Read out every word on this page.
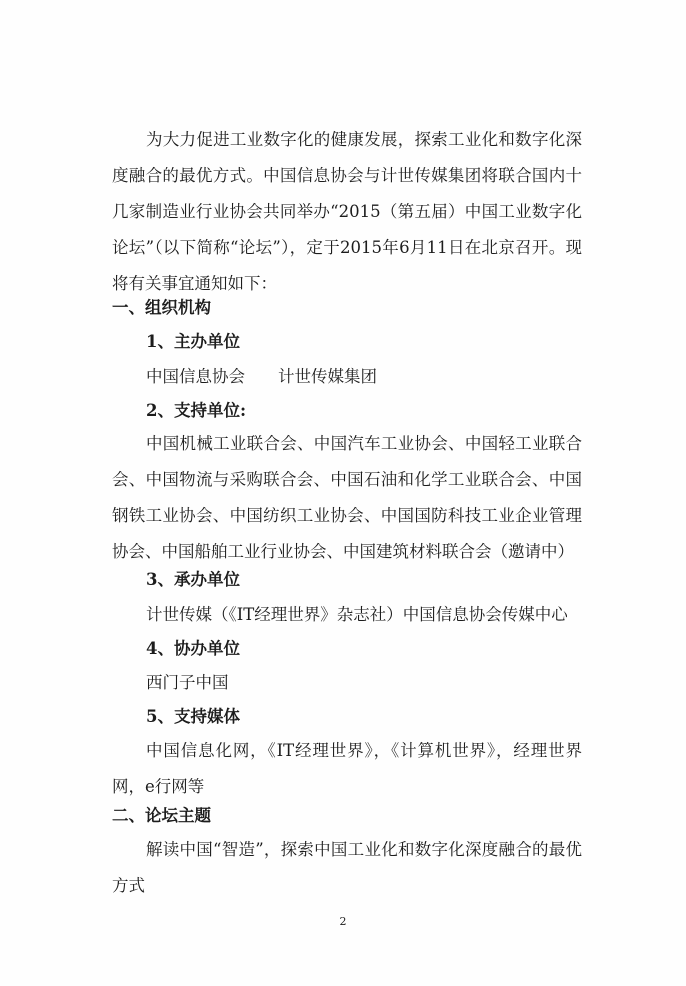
为大力促进工业数字化的健康发展，探索工业化和数字化深度融合的最优方式。中国信息协会与计世传媒集团将联合国内十几家制造业行业协会共同举办“2015（第五届）中国工业数字化论坛”（以下简称“论坛”），定于2015年6月11日在北京召开。现将有关事宜通知如下：

一、组织机构
1、主办单位
中国信息协会　　计世传媒集团
2、支持单位:

中国机械工业联合会、中国汽车工业协会、中国轻工业联合会、中国物流与采购联合会、中国石油和化学工业联合会、中国钢铁工业协会、中国纺织工业协会、中国国防科技工业企业管理协会、中国船舶工业行业协会、中国建筑材料联合会（邀请中）

3、承办单位
计世传媒（《IT经理世界》杂志社）中国信息协会传媒中心
4、协办单位
西门子中国
5、支持媒体

中国信息化网，《IT经理世界》，《计算机世界》，经理世界网，e行网等

二、论坛主题

解读中国“智造”，探索中国工业化和数字化深度融合的最优方式

2
